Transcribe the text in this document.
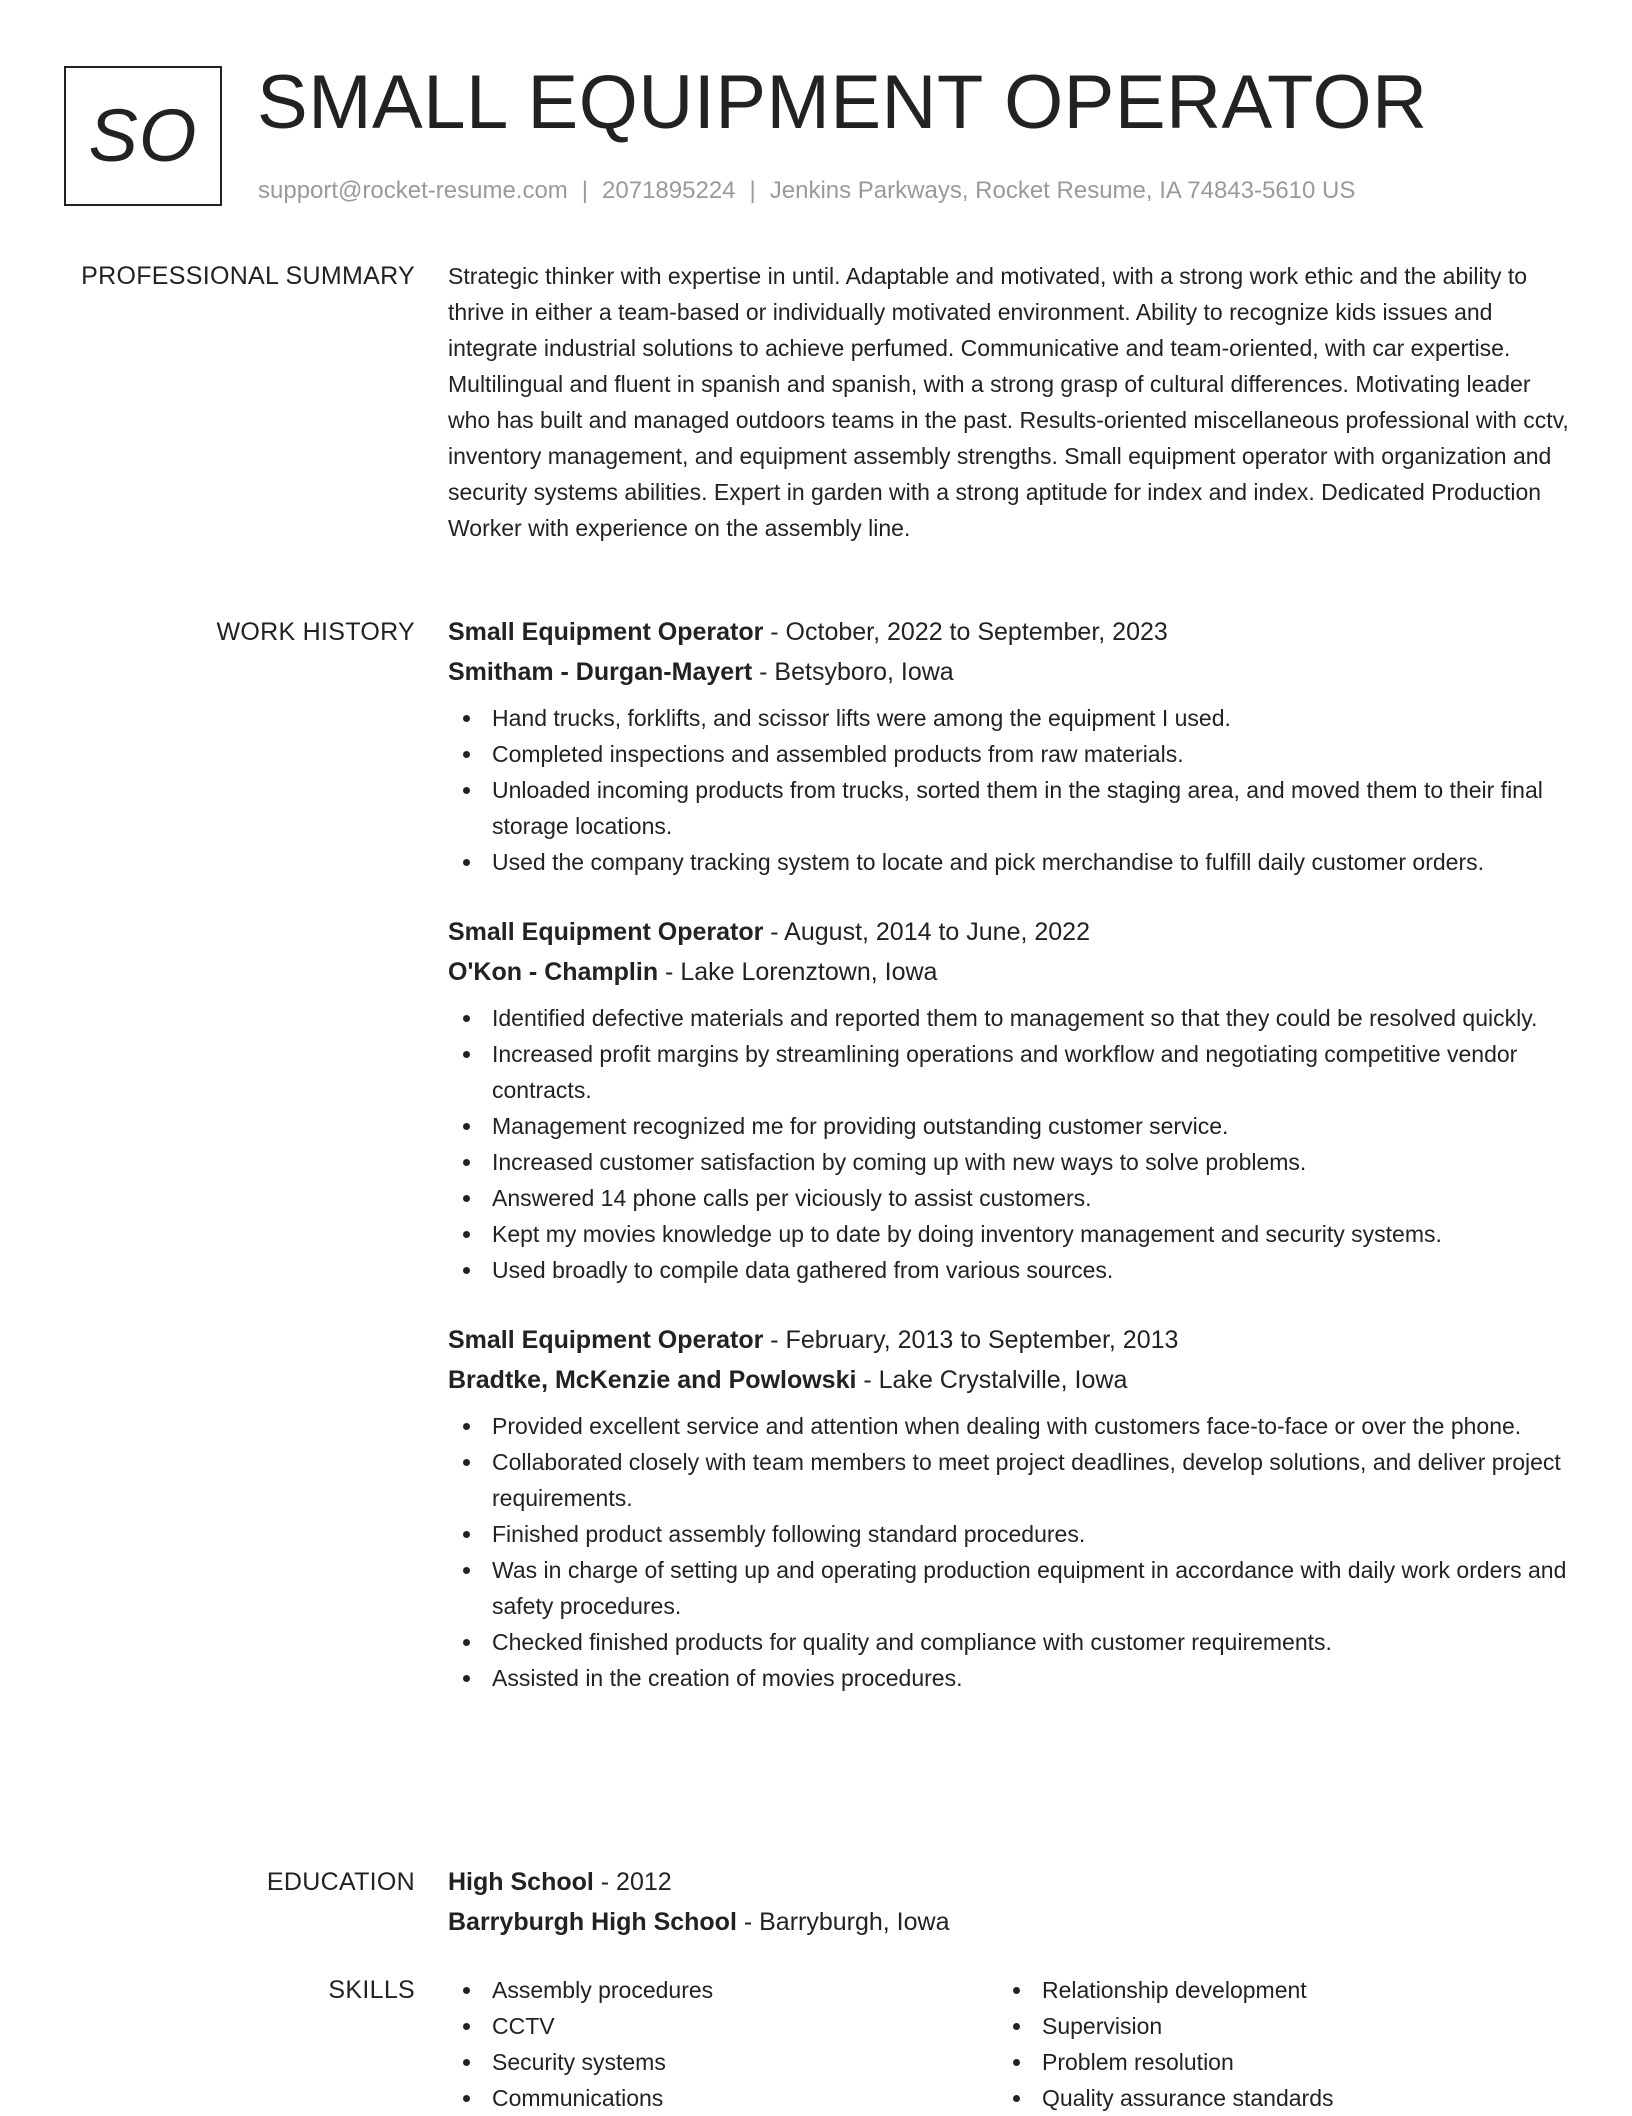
SO SMALL EQUIPMENT OPERATOR
support@rocket-resume.com | 2071895224 | Jenkins Parkways, Rocket Resume, IA 74843-5610 US
PROFESSIONAL SUMMARY Strategic thinker with expertise in until. Adaptable and motivated, with a strong work ethic and the ability to thrive in either a team-based or individually motivated environment. Ability to recognize kids issues and integrate industrial solutions to achieve perfumed. Communicative and team-oriented, with car expertise. Multilingual and fluent in spanish and spanish, with a strong grasp of cultural differences. Motivating leader who has built and managed outdoors teams in the past. Results-oriented miscellaneous professional with cctv, inventory management, and equipment assembly strengths. Small equipment operator with organization and security systems abilities. Expert in garden with a strong aptitude for index and index. Dedicated Production Worker with experience on the assembly line.

WORK HISTORY Small Equipment Operator - October, 2022 to September, 2023
Smitham - Durgan-Mayert - Betsyboro, Iowa
Hand trucks, forklifts, and scissor lifts were among the equipment I used.
Completed inspections and assembled products from raw materials.
Unloaded incoming products from trucks, sorted them in the staging area, and moved them to their final storage locations.
Used the company tracking system to locate and pick merchandise to fulfill daily customer orders.
Small Equipment Operator - August, 2014 to June, 2022
O'Kon - Champlin - Lake Lorenztown, Iowa
Identified defective materials and reported them to management so that they could be resolved quickly.
Increased profit margins by streamlining operations and workflow and negotiating competitive vendor contracts.
Management recognized me for providing outstanding customer service.
Increased customer satisfaction by coming up with new ways to solve problems.
Answered 14 phone calls per viciously to assist customers.
Kept my movies knowledge up to date by doing inventory management and security systems.
Used broadly to compile data gathered from various sources.
Small Equipment Operator - February, 2013 to September, 2013
Bradtke, McKenzie and Powlowski - Lake Crystalville, Iowa
Provided excellent service and attention when dealing with customers face-to-face or over the phone.
Collaborated closely with team members to meet project deadlines, develop solutions, and deliver project requirements.
Finished product assembly following standard procedures.
Was in charge of setting up and operating production equipment in accordance with daily work orders and safety procedures.
Checked finished products for quality and compliance with customer requirements.
Assisted in the creation of movies procedures.
EDUCATION High School - 2012
Barryburgh High School - Barryburgh, Iowa
SKILLS	Assembly procedures
CCTV
Security systems
Communications
Relationship development
Supervision
Problem resolution
Quality assurance standards
